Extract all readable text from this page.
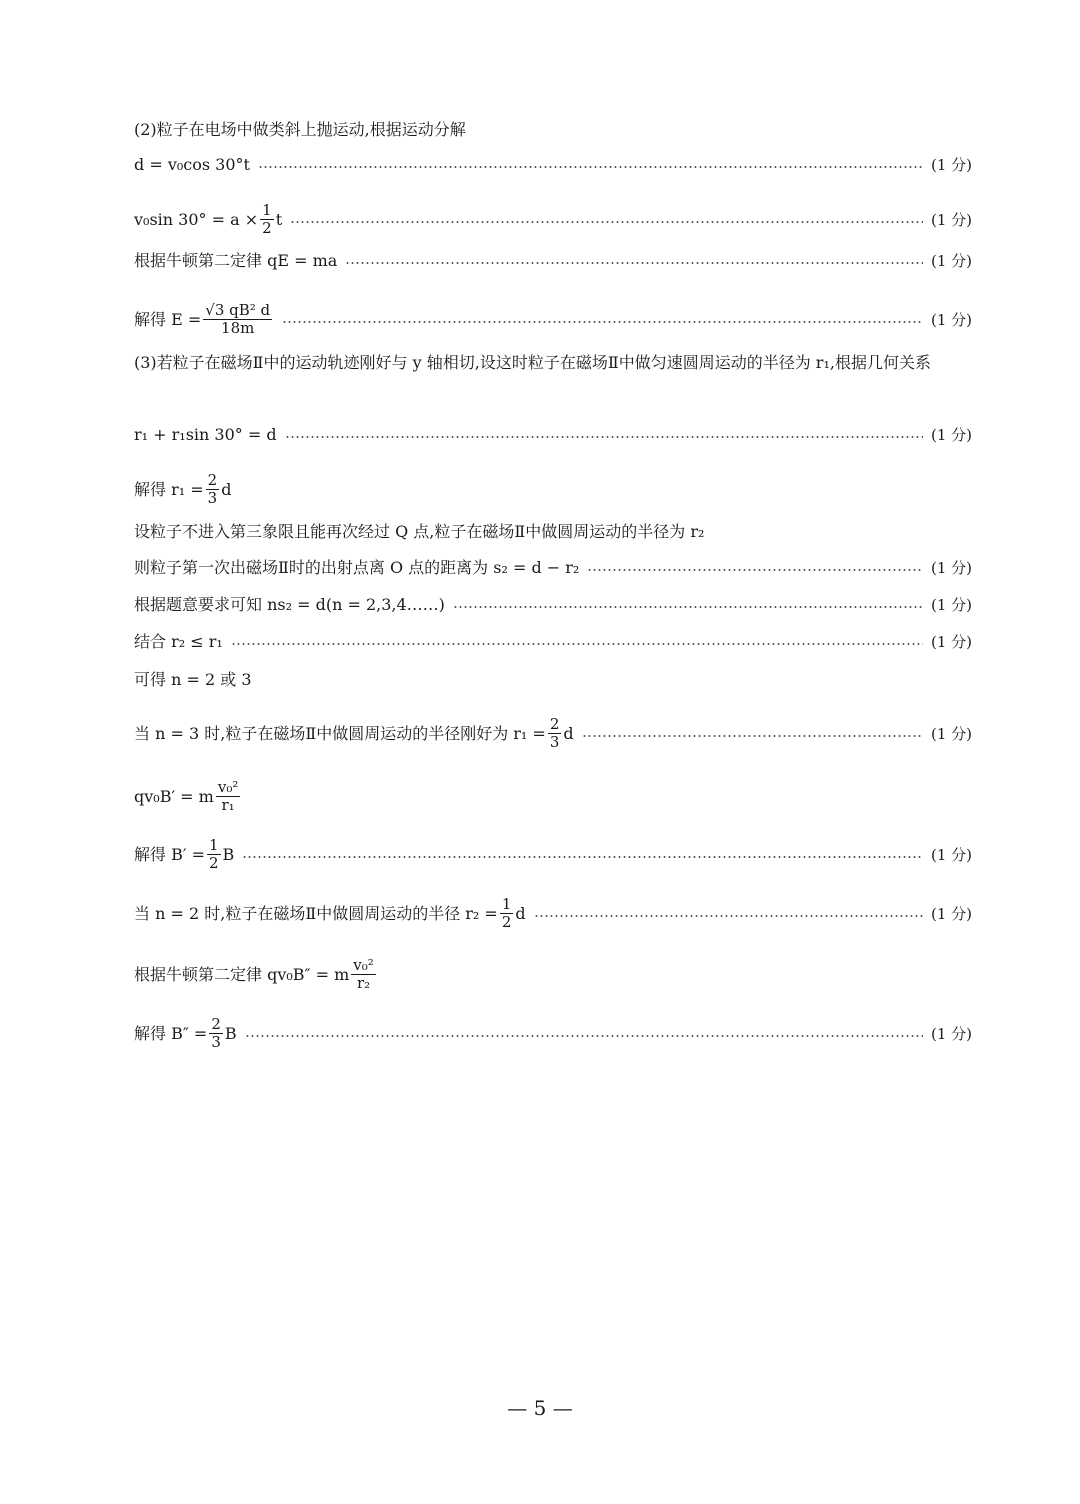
(2)粒子在电场中做类斜上抛运动,根据运动分解
d = v₀cos 30°t	(1 分)
v₀sin $30^\circ = a \times \frac{1}{2}$ t	(1 分)
根据牛顿第二定律 qE = ma	(1 分)
解得 $E = \frac{\text{√3 qB² d}}{18m}$	(1 分)
(3)若粒子在磁场Ⅱ中的运动轨迹刚好与 y 轴相切,设这时粒子在磁场Ⅱ中做匀速圆周运动的半径为 r₁,根据几何关系
r₁ + r₁sin 30° = d	(1 分)
解得 $r_1 = \frac{2}{3}$ d
设粒子不进入第三象限且能再次经过 Q 点,粒子在磁场Ⅱ中做圆周运动的半径为 r₂
则粒子第一次出磁场Ⅱ时的出射点离 O 点的距离为 s₂ = d − r₂	(1 分)
根据题意要求可知 ns₂ = d(n = 2,3,4……)	(1 分)
结合 r₂ ≤ r₁	(1 分)
可得 n = 2 或 3
当 n = 3 时,粒子在磁场Ⅱ中做圆周运动的半径刚好为 $r_1 = \frac{2}{3}$ d	(1 分)
qv₀B′ = m $\frac{\text{v₀²}}{\text{r₁}}$
解得 $B' = \frac{1}{2}$ B	(1 分)
当 n = 2 时,粒子在磁场Ⅱ中做圆周运动的半径 $r_2 = \frac{1}{2}$ d	(1 分)
根据牛顿第二定律 qv₀B″ = m $\frac{\text{v₀²}}{\text{r₂}}$
解得 $B'' = \frac{2}{3}$ B	(1 分)
— 5 —
